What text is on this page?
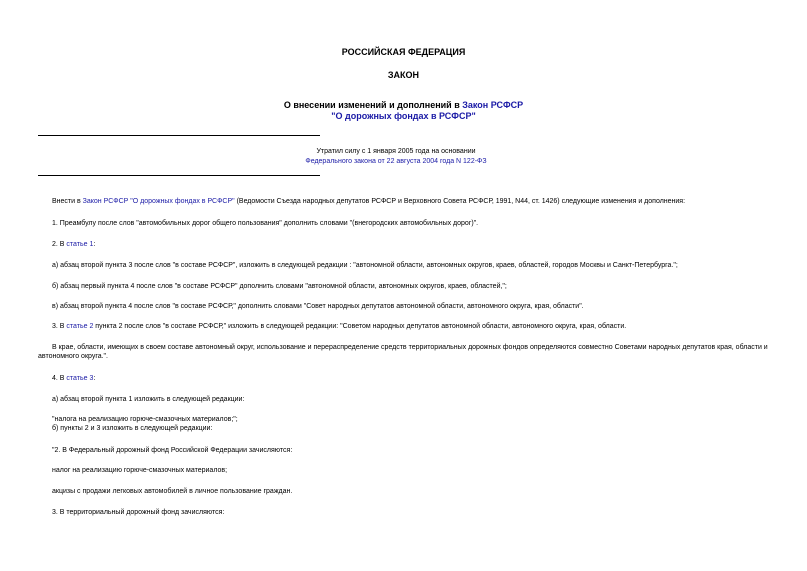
РОССИЙСКАЯ ФЕДЕРАЦИЯ
ЗАКОН
О внесении изменений и дополнений в Закон РСФСР
"О дорожных фондах в РСФСР"
Утратил силу с 1 января 2005 года на основании
Федерального закона от 22 августа 2004 года N 122-ФЗ
Внести в Закон РСФСР "О дорожных фондах в РСФСР" (Ведомости Съезда народных депутатов РСФСР и Верховного Совета РСФСР, 1991, N44, ст. 1426) следующие изменения и дополнения:
1. Преамбулу после слов "автомобильных дорог общего пользования" дополнить словами "(внегородских автомобильных дорог)".
2. В статье 1:
а) абзац второй пункта 3 после слов "в составе РСФСР", изложить в следующей редакции : "автономной области, автономных округов, краев, областей, городов Москвы и Санкт-Петербурга.";
б) абзац первый пункта 4 после слов "в составе РСФСР" дополнить словами "автономной области, автономных округов, краев, областей,";
в) абзац второй пункта 4 после слов "в составе РСФСР," дополнить словами "Совет народных депутатов автономной области, автономного округа, края, области".
3. В статье 2 пункта 2 после слов "в составе РСФСР," изложить в следующей редакции: "Советом народных депутатов автономной области, автономного округа, края, области.
В крае, области, имеющих в своем составе автономный округ, использование и перераспределение средств территориальных дорожных фондов определяются совместно Советами народных депутатов края, области и автономного округа.".
4. В статье 3:
а) абзац второй пункта 1 изложить в следующей редакции:
"налога на реализацию горюче-смазочных материалов;";
б) пункты 2 и 3 изложить в следующей редакции:
"2. В Федеральный дорожный фонд Российской Федерации зачисляются:
налог на реализацию горюче-смазочных материалов;
акцизы с продажи легковых автомобилей в личное пользование граждан.
3. В территориальный дорожный фонд зачисляются:
